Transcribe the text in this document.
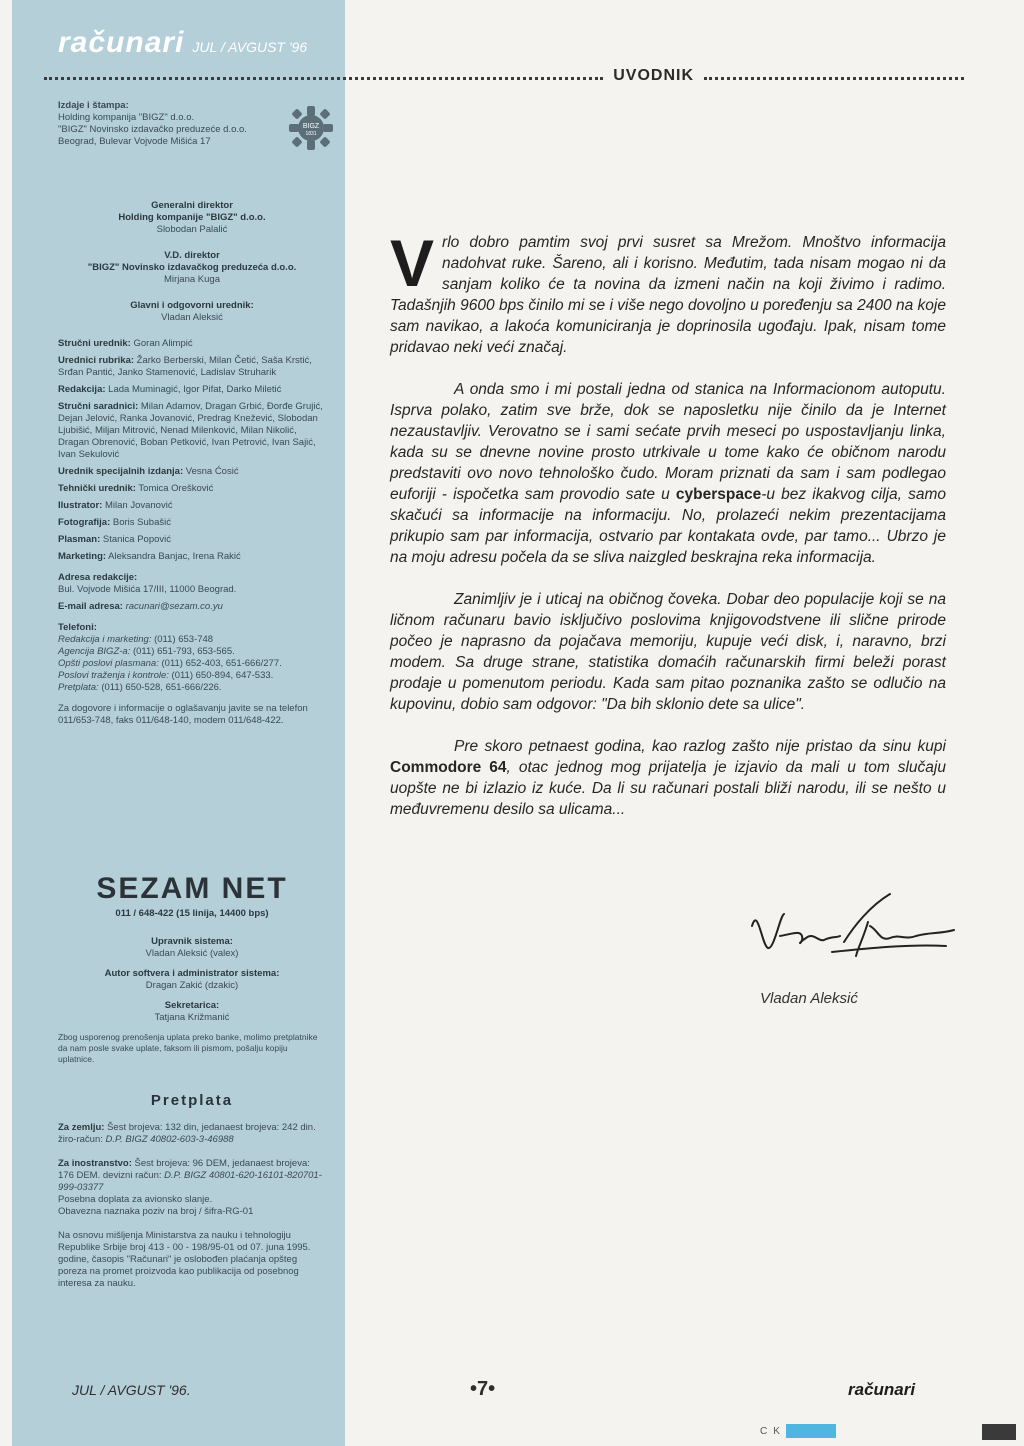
računari JUL / AVGUST '96
UVODNIK
Izdaje i štampa:
Holding kompanija "BIGZ" d.o.o.
"BIGZ" Novinsko izdavačko preduzeće d.o.o.
Beograd, Bulevar Vojvode Mišića 17
BIGZ
1831
Generalni direktor
Holding kompanije "BIGZ" d.o.o.
Slobodan Palalić
V.D. direktor
"BIGZ" Novinsko izdavačkog preduzeća d.o.o.
Mirjana Kuga
Glavni i odgovorni urednik:
Vladan Aleksić
Stručni urednik: Goran Alimpić
Urednici rubrika: Žarko Berberski, Milan Četić, Saša Krstić, Srđan Pantić, Janko Stamenović, Ladislav Struharik
Redakcija: Lada Muminagić, Igor Pifat, Darko Miletić
Stručni saradnici: Milan Adamov, Dragan Grbić, Đorđe Grujić, Dejan Jelović, Ranka Jovanović, Predrag Knežević, Slobodan Ljubišić, Miljan Mitrović, Nenad Milenković, Milan Nikolić, Dragan Obrenović, Boban Petković, Ivan Petrović, Ivan Sajić, Ivan Sekulović
Urednik specijalnih izdanja: Vesna Ćosić
Tehnički urednik: Tomica Orešković
Ilustrator: Milan Jovanović
Fotografija: Boris Subašić
Plasman: Stanica Popović
Marketing: Aleksandra Banjac, Irena Rakić
Adresa redakcije:
Bul. Vojvode Mišića 17/III, 11000 Beograd.
E-mail adresa: racunari@sezam.co.yu
Telefoni:
Redakcija i marketing: (011) 653-748
Agencija BIGZ-a: (011) 651-793, 653-565.
Opšti poslovi plasmana: (011) 652-403, 651-666/277.
Poslovi traženja i kontrole: (011) 650-894, 647-533.
Pretplata: (011) 650-528, 651-666/226.
Za dogovore i informacije o oglašavanju javite se na telefon 011/653-748, faks 011/648-140, modem 011/648-422.
SEZAM NET
011 / 648-422 (15 linija, 14400 bps)
Upravnik sistema:
Vladan Aleksić (valex)
Autor softvera i administrator sistema:
Dragan Zakić (dzakic)
Sekretarica:
Tatjana Križmanić
Zbog usporenog prenošenja uplata preko banke, molimo pretplatnike da nam posle svake uplate, faksom ili pismom, pošalju kopiju uplatnice.
Pretplata

Za zemlju: Šest brojeva: 132 din, jedanaest brojeva: 242 din. žiro-račun: D.P. BIGZ 40802-603-3-46988

Za inostranstvo: Šest brojeva: 96 DEM, jedanaest brojeva: 176 DEM. devizni račun: D.P. BIGZ 40801-620-16101-820701-999-03377
Posebna doplata za avionsko slanje.
Obavezna naznaka poziv na broj / šifra-RG-01

Na osnovu mišljenja Ministarstva za nauku i tehnologiju Republike Srbije broj 413 - 00 - 198/95-01 od 07. juna 1995. godine, časopis "Računari" je oslobođen plaćanja opšteg poreza na promet proizvoda kao publikacija od posebnog interesa za nauku.

Vrlo dobro pamtim svoj prvi susret sa Mrežom. Mnoštvo informacija nadohvat ruke. Šareno, ali i korisno. Međutim, tada nisam mogao ni da sanjam koliko će ta novina da izmeni način na koji živimo i radimo. Tadašnjih 9600 bps činilo mi se i više nego dovoljno u poređenju sa 2400 na koje sam navikao, a lakoća komuniciranja je doprinosila ugođaju. Ipak, nisam tome pridavao neki veći značaj.

A onda smo i mi postali jedna od stanica na Informacionom autoputu. Isprva polako, zatim sve brže, dok se naposletku nije činilo da je Internet nezaustavljiv. Verovatno se i sami sećate prvih meseci po uspostavljanju linka, kada su se dnevne novine prosto utrkivale u tome kako će običnom narodu predstaviti ovo novo tehnološko čudo. Moram priznati da sam i sam podlegao euforiji - ispočetka sam provodio sate u cyberspace-u bez ikakvog cilja, samo skačući sa informacije na informaciju. No, prolazeći nekim prezentacijama prikupio sam par informacija, ostvario par kontakata ovde, par tamo... Ubrzo je na moju adresu počela da se sliva naizgled beskrajna reka informacija.

Zanimljiv je i uticaj na običnog čoveka. Dobar deo populacije koji se na ličnom računaru bavio isključivo poslovima knjigovodstvene ili slične prirode počeo je naprasno da pojačava memoriju, kupuje veći disk, i, naravno, brzi modem. Sa druge strane, statistika domaćih računarskih firmi beleži porast prodaje u pomenutom periodu. Kada sam pitao poznanika zašto se odlučio na kupovinu, dobio sam odgovor: "Da bih sklonio dete sa ulice".

Pre skoro petnaest godina, kao razlog zašto nije pristao da sinu kupi Commodore 64, otac jednog mog prijatelja je izjavio da mali u tom slučaju uopšte ne bi izlazio iz kuće. Da li su računari postali bliži narodu, ili se nešto u međuvremenu desilo sa ulicama...

Vladan Aleksić
JUL / AVGUST '96.	•7•	računari
C K
